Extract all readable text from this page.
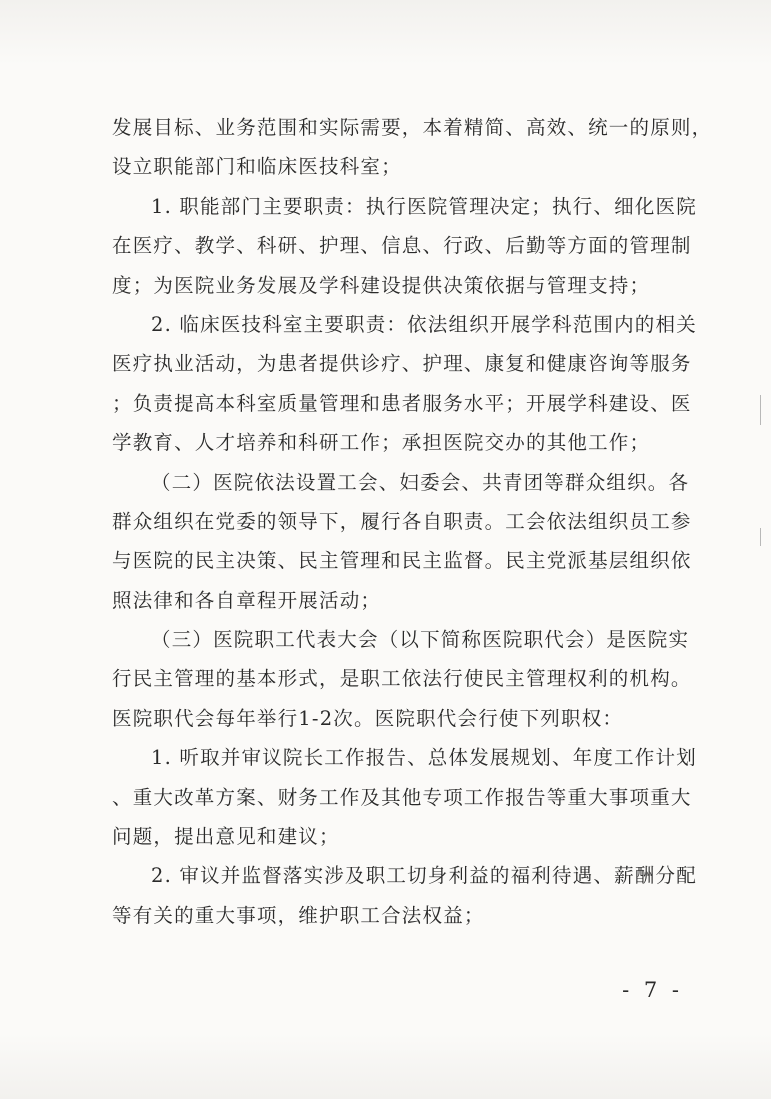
发展目标、业务范围和实际需要，本着精简、高效、统一的原则，
设立职能部门和临床医技科室；
1. 职能部门主要职责：执行医院管理决定；执行、细化医院
在医疗、教学、科研、护理、信息、行政、后勤等方面的管理制
度；为医院业务发展及学科建设提供决策依据与管理支持；
2. 临床医技科室主要职责：依法组织开展学科范围内的相关
医疗执业活动，为患者提供诊疗、护理、康复和健康咨询等服务
；负责提高本科室质量管理和患者服务水平；开展学科建设、医
学教育、人才培养和科研工作；承担医院交办的其他工作；
（二）医院依法设置工会、妇委会、共青团等群众组织。各
群众组织在党委的领导下，履行各自职责。工会依法组织员工参
与医院的民主决策、民主管理和民主监督。民主党派基层组织依
照法律和各自章程开展活动；
（三）医院职工代表大会（以下简称医院职代会）是医院实
行民主管理的基本形式，是职工依法行使民主管理权利的机构。
医院职代会每年举行1-2次。医院职代会行使下列职权：
1. 听取并审议院长工作报告、总体发展规划、年度工作计划
、重大改革方案、财务工作及其他专项工作报告等重大事项重大
问题，提出意见和建议；
2. 审议并监督落实涉及职工切身利益的福利待遇、薪酬分配
等有关的重大事项，维护职工合法权益；
- 7 -
